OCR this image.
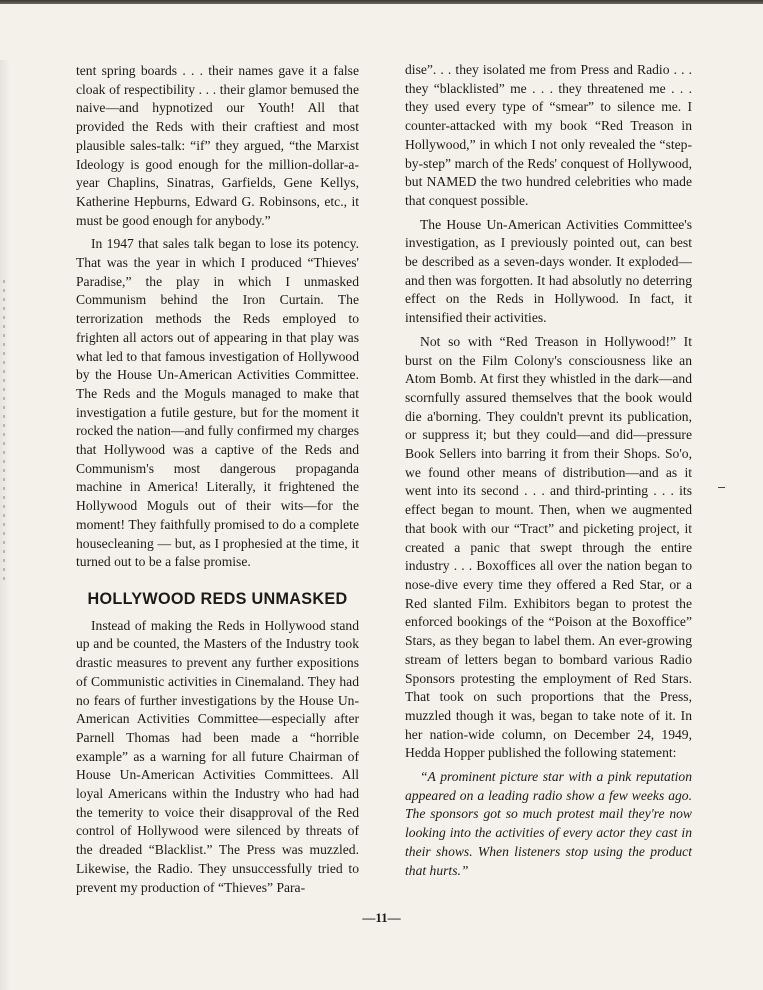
tent spring boards . . . their names gave it a false cloak of respectibility . . . their glamor bemused the naive—and hypnotized our Youth! All that provided the Reds with their craftiest and most plausible sales-talk: “if” they argued, “the Marxist Ideology is good enough for the million-dollar-a-year Chaplins, Sinatras, Garfields, Gene Kellys, Katherine Hepburns, Edward G. Robinsons, etc., it must be good enough for anybody.”

In 1947 that sales talk began to lose its potency. That was the year in which I produced “Thieves' Paradise,” the play in which I unmasked Communism behind the Iron Curtain. The terrorization methods the Reds employed to frighten all actors out of appearing in that play was what led to that famous investigation of Hollywood by the House Un-American Activities Committee. The Reds and the Moguls managed to make that investigation a futile gesture, but for the moment it rocked the nation—and fully confirmed my charges that Hollywood was a captive of the Reds and Communism's most dangerous propaganda machine in America! Literally, it frightened the Hollywood Moguls out of their wits—for the moment! They faithfully promised to do a complete housecleaning — but, as I prophesied at the time, it turned out to be a false promise.

HOLLYWOOD REDS UNMASKED

Instead of making the Reds in Hollywood stand up and be counted, the Masters of the Industry took drastic measures to prevent any further expositions of Communistic activities in Cinemaland. They had no fears of further investigations by the House Un-American Activities Committee—especially after Parnell Thomas had been made a “horrible example” as a warning for all future Chairman of House Un-American Activities Committees. All loyal Americans within the Industry who had had the temerity to voice their disapproval of the Red control of Hollywood were silenced by threats of the dreaded “Blacklist.” The Press was muzzled. Likewise, the Radio. They unsuccessfully tried to prevent my production of “Thieves” Para-

dise”. . . they isolated me from Press and Radio . . . they “blacklisted” me . . . they threatened me . . . they used every type of “smear” to silence me. I counter-attacked with my book “Red Treason in Hollywood,” in which I not only revealed the “step-by-step” march of the Reds' conquest of Hollywood, but NAMED the two hundred celebrities who made that conquest possible.

The House Un-American Activities Committee's investigation, as I previously pointed out, can best be described as a seven-days wonder. It exploded—and then was forgotten. It had absolutly no deterring effect on the Reds in Hollywood. In fact, it intensified their activities.

Not so with “Red Treason in Hollywood!” It burst on the Film Colony's consciousness like an Atom Bomb. At first they whistled in the dark—and scornfully assured themselves that the book would die a'borning. They couldn't prevnt its publication, or suppress it; but they could—and did—pressure Book Sellers into barring it from their Shops. So'o, we found other means of distribution—and as it went into its second . . . and third-printing . . . its effect began to mount. Then, when we augmented that book with our “Tract” and picketing project, it created a panic that swept through the entire industry . . . Boxoffices all over the nation began to nose-dive every time they offered a Red Star, or a Red slanted Film. Exhibitors began to protest the enforced bookings of the “Poison at the Boxoffice” Stars, as they began to label them. An ever-growing stream of letters began to bombard various Radio Sponsors protesting the employment of Red Stars. That took on such proportions that the Press, muzzled though it was, began to take note of it. In her nation-wide column, on December 24, 1949, Hedda Hopper published the following statement:

“A prominent picture star with a pink reputation appeared on a leading radio show a few weeks ago. The sponsors got so much protest mail they're now looking into the activities of every actor they cast in their shows. When listeners stop using the product that hurts.”

—11—
